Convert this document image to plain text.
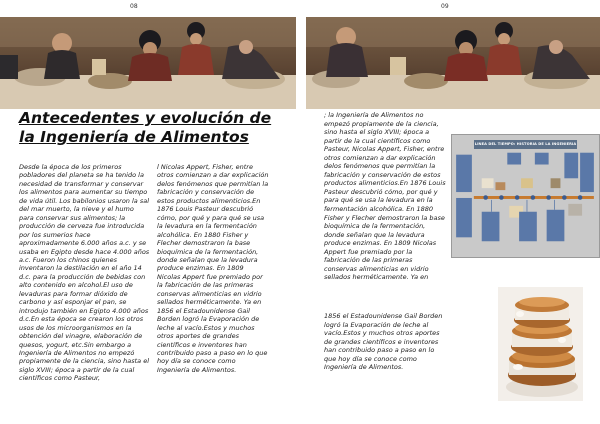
08	09
Antecedentes y evolución de la Ingeniería de Alimentos

Desde la época de los primeros pobladores del planeta se ha tenido la necesidad de transformar y conservar los alimentos para aumentar su tiempo de vida útil. Los babilonios usaron la sal del mar muerto, la nieve y el humo para conservar sus alimentos; la producción de cerveza fue introducida por los sumerios hace aproximadamente 6.000 años a.c. y se usaba en Egipto desde hace 4.000 años a.c. Fueron los chinos quienes inventaron la destilación en el año 14 d.c. para la producción de bebidas con alto contenido en alcohol.El uso de levaduras para formar dióxido de carbono y así esponjar el pan, se introdujo también en Egipto 4.000 años d.c.En esta época se crearon los otros usos de los microorganismos en la obtención del vinagre, elaboración de quesos, yogurt, etc.Sin embargo a Ingeniería de Alimentos no empezó propiamente de la ciencia, sino hasta el siglo XVIII; época a partir de la cual científicos como Pasteur,

l Nicolas Appert, Fisher, entre otros comienzan a dar explicación delos fenómenos que permitían la fabricación y conservación de estos productos alimenticios.En 1876 Louis Pasteur descubrió cómo, por qué y para qué se usa la levadura en la fermentación alcohólica. En 1880 Fisher y Flecher demostraron la base bioquímica de la fermentación, donde señalan que la levadura produce enzimas. En 1809 Nicolas Appert fue premiado por la fabricación de las primeras conservas alimenticias en vidrio sellados herméticamente. Ya en 1856 el Estadounidense Gail Borden logró la Evaporación de leche al vacío.Estos y muchos otros aportes de grandes científicos e inventores han contribuido paso a paso en lo que hoy día se conoce como Ingeniería de Alimentos.

; la Ingeniería de Alimentos no empezó propiamente de la ciencia, sino hasta el siglo XVIII; época a partir de la cual científicos como Pasteur, Nicolas Appert, Fisher, entre otros comienzan a dar explicación delos fenómenos que permitían la fabricación y conservación de estos productos alimenticios.En 1876 Louis Pasteur descubrió cómo, por qué y para qué se usa la levadura en la fermentación alcohólica. En 1880 Fisher y Flecher demostraron la base bioquímica de la fermentación, donde señalan que la levadura produce enzimas. En 1809 Nicolas Appert fue premiado por la fabricación de las primeras conservas alimenticias en vidrio sellados herméticamente. Ya en

1856 el Estadounidense Gail Borden logró la Evaporación de leche al vacío.Estos y muchos otros aportes de grandes científicos e inventores han contribuido paso a paso en lo que hoy día se conoce como Ingeniería de Alimentos.

LINEA DEL TIEMPO: HISTORIA DE LA INGENIERIA
